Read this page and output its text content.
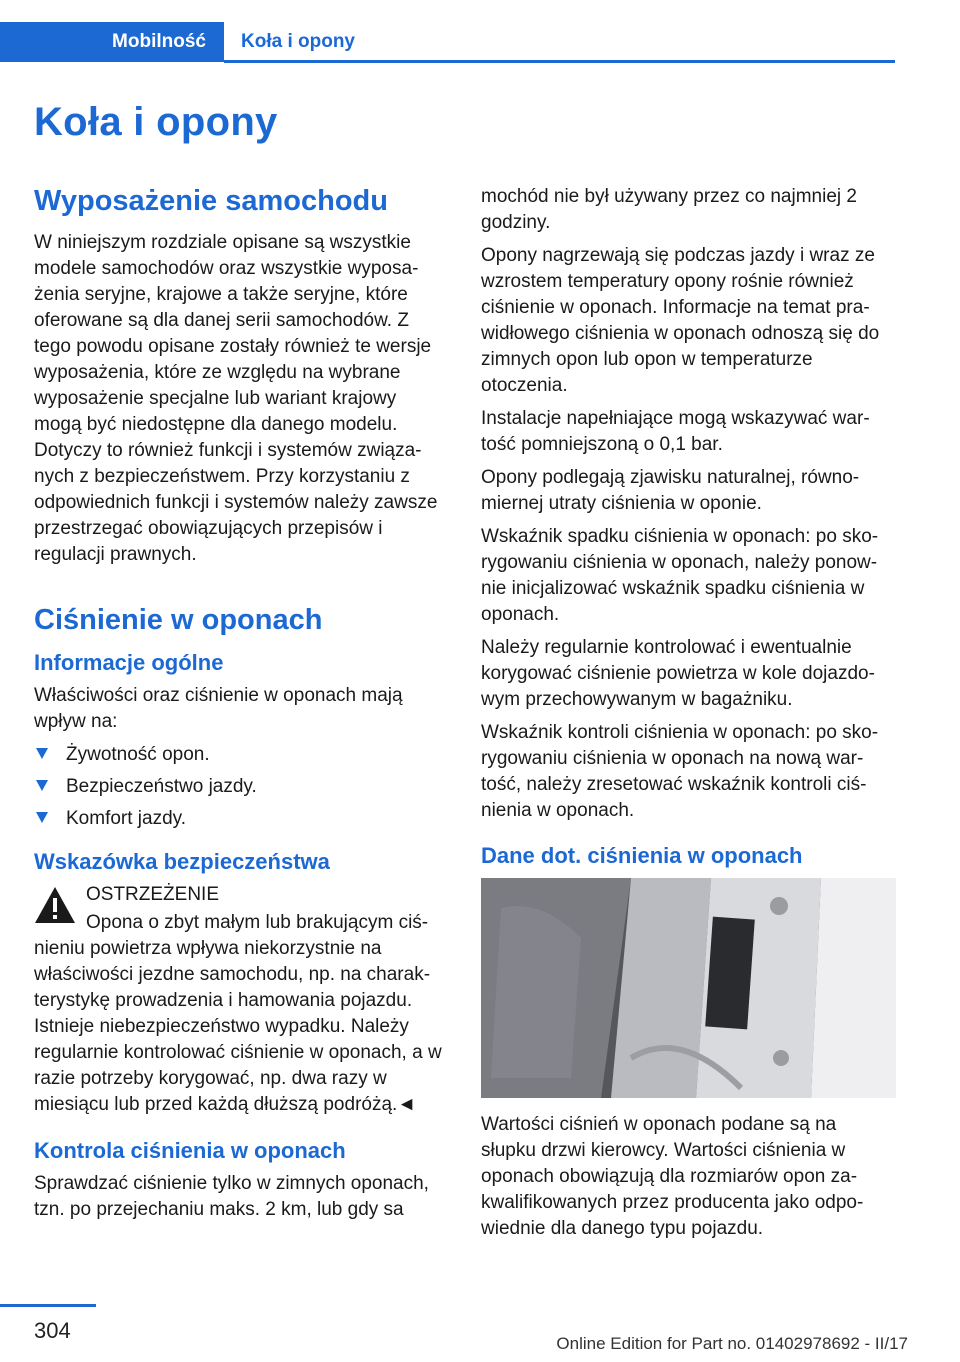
Mobilność	Koła i opony
Koła i opony
Wyposażenie samochodu

W niniejszym rozdziale opisane są wszystkie modele samochodów oraz wszystkie wyposażenia seryjne, krajowe a także seryjne, które oferowane są dla danej serii samochodów. Z tego powodu opisane zostały również te wersje wyposażenia, które ze względu na wybrane wyposażenie specjalne lub wariant krajowy mogą być niedostępne dla danego modelu. Dotyczy to również funkcji i systemów związanych z bezpieczeństwem. Przy korzystaniu z odpowiednich funkcji i systemów należy zawsze przestrzegać obowiązujących przepisów i regulacji prawnych.

Ciśnienie w oponach
Informacje ogólne

Właściwości oraz ciśnienie w oponach mają wpływ na:

Żywotność opon.
Bezpieczeństwo jazdy.
Komfort jazdy.
Wskazówka bezpieczeństwa

OSTRZEŻENIE

Opona o zbyt małym lub brakującym ciśnieniu powietrza wpływa niekorzystnie na właściwości jezdne samochodu, np. na charakterystykę prowadzenia i hamowania pojazdu. Istnieje niebezpieczeństwo wypadku. Należy regularnie kontrolować ciśnienie w oponach, a w razie potrzeby korygować, np. dwa razy w miesiącu lub przed każdą dłuższą podróżą.◄

Kontrola ciśnienia w oponach

Sprawdzać ciśnienie tylko w zimnych oponach, tzn. po przejechaniu maks. 2 km, lub gdy sa

mochód nie był używany przez co najmniej 2 godziny.

Opony nagrzewają się podczas jazdy i wraz ze wzrostem temperatury opony rośnie również ciśnienie w oponach. Informacje na temat prawidłowego ciśnienia w oponach odnoszą się do zimnych opon lub opon w temperaturze otoczenia.

Instalacje napełniające mogą wskazywać wartość pomniejszoną o 0,1 bar.

Opony podlegają zjawisku naturalnej, równomiernej utraty ciśnienia w oponie.

Wskaźnik spadku ciśnienia w oponach: po skorygowaniu ciśnienia w oponach, należy ponownie inicjalizować wskaźnik spadku ciśnienia w oponach.

Należy regularnie kontrolować i ewentualnie korygować ciśnienie powietrza w kole dojazdowym przechowywanym w bagażniku.

Wskaźnik kontroli ciśnienia w oponach: po skorygowaniu ciśnienia w oponach na nową wartość, należy zresetować wskaźnik kontroli ciśnienia w oponach.

Dane dot. ciśnienia w oponach

Wartości ciśnień w oponach podane są na słupku drzwi kierowcy. Wartości ciśnienia w oponach obowiązują dla rozmiarów opon zakwalifikowanych przez producenta jako odpowiednie dla danego typu pojazdu.

304
Online Edition for Part no. 01402978692 - II/17
